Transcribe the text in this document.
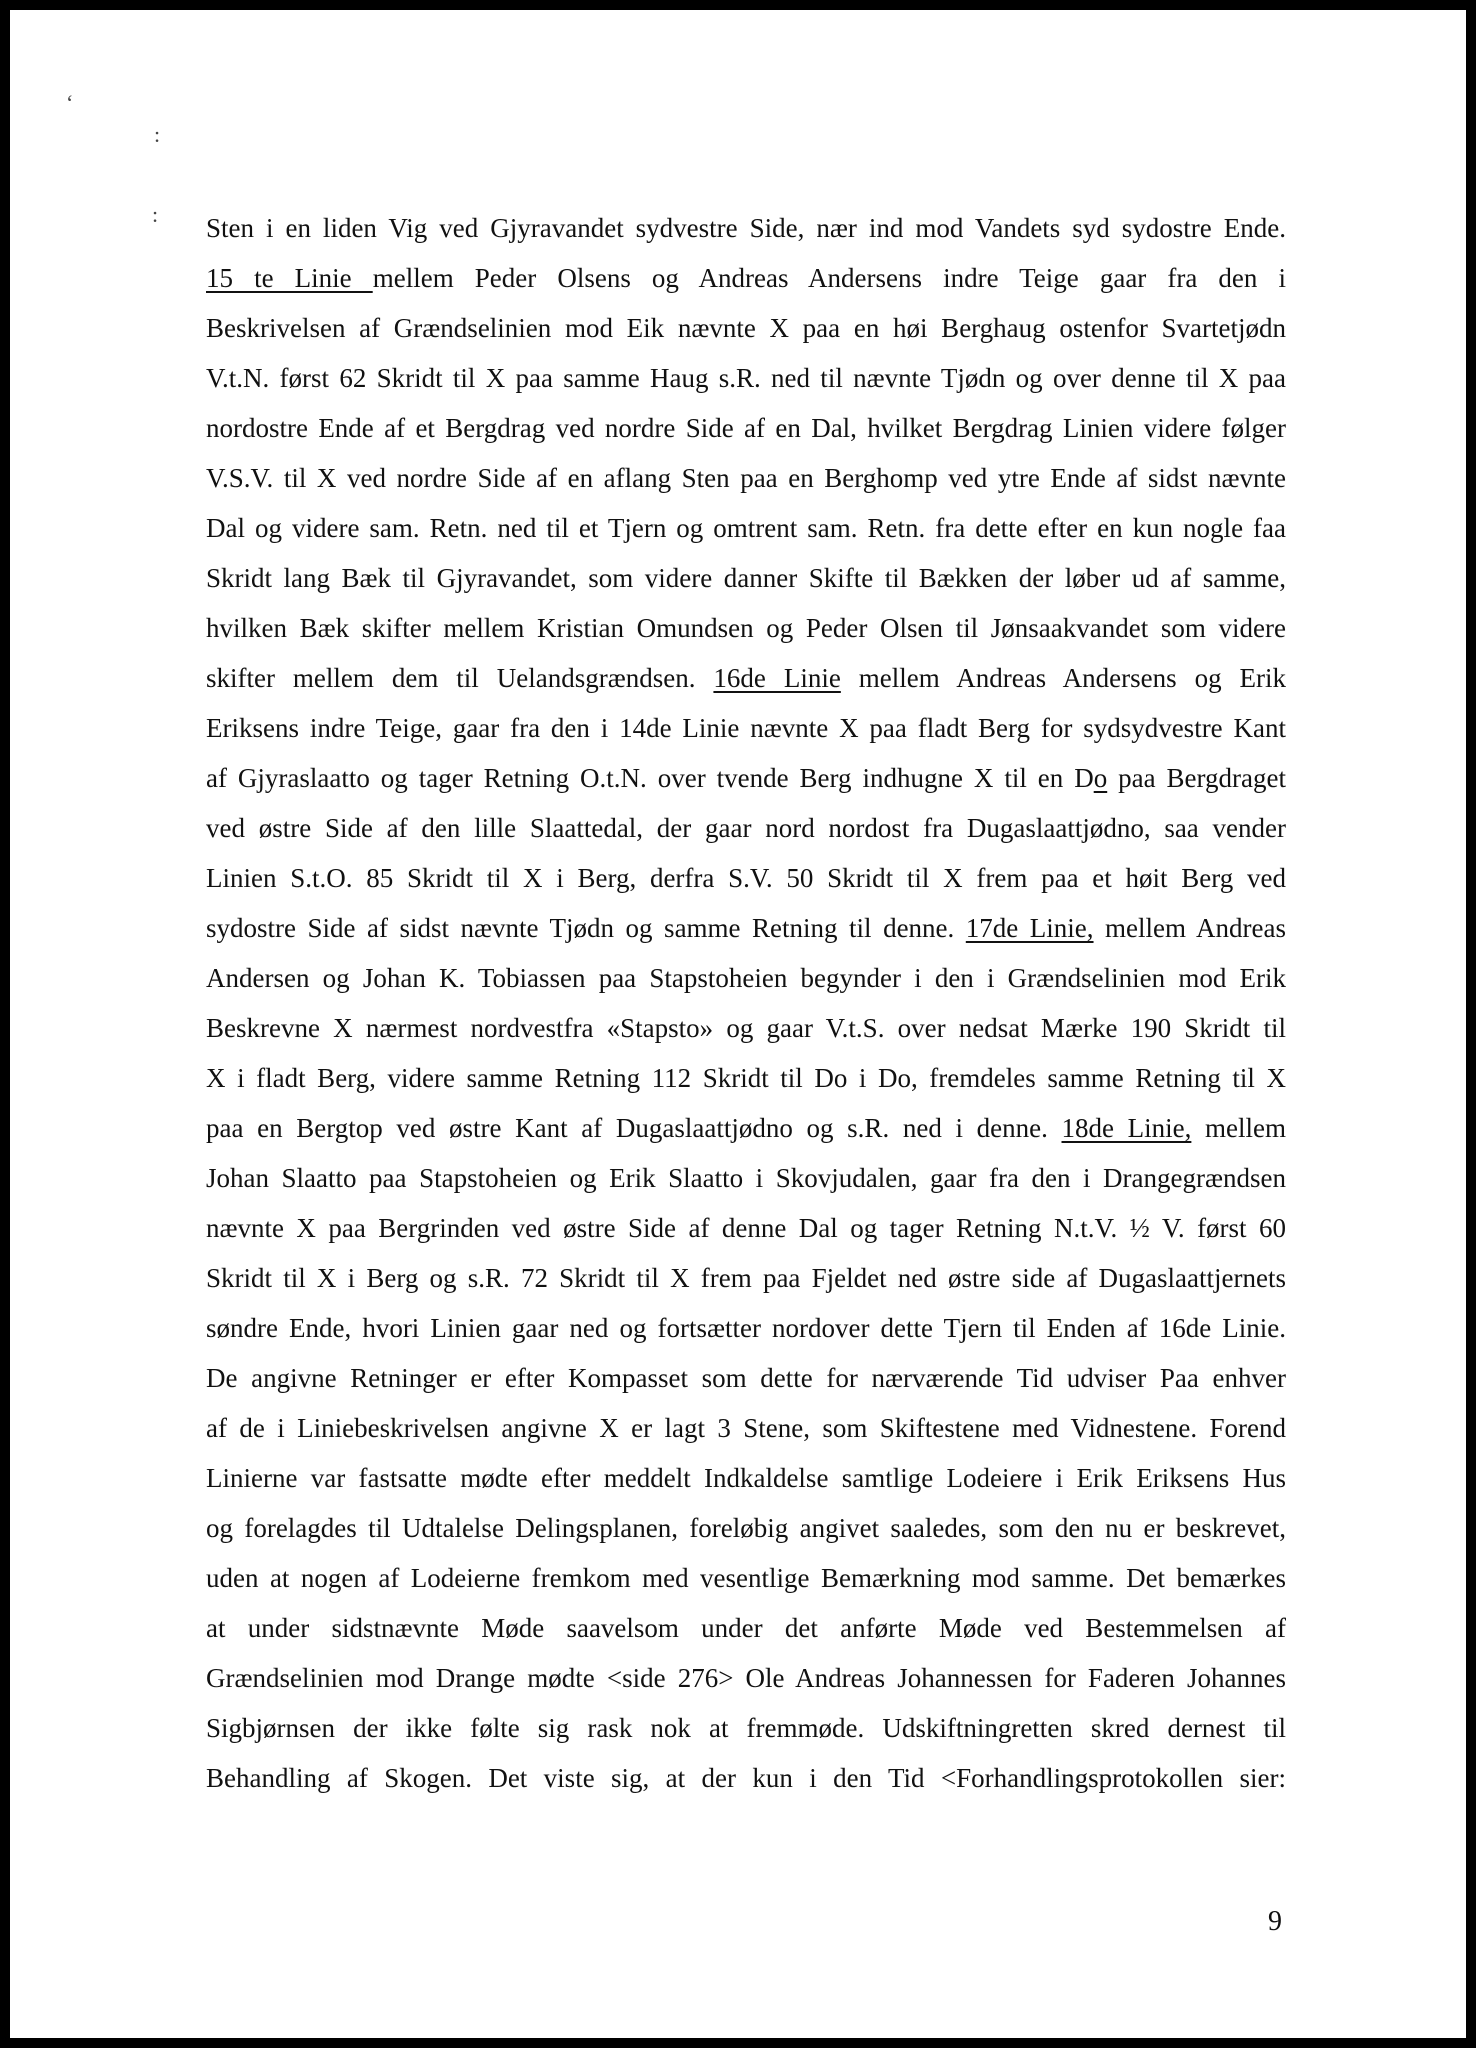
‘
:
: Sten i en liden Vig ved Gjyravandet sydvestre Side, nær ind mod Vandets syd sydostre Ende.
15 te Linie mellem Peder Olsens og Andreas Andersens indre Teige gaar fra den i
Beskrivelsen af Grændselinien mod Eik nævnte X paa en høi Berghaug ostenfor Svartetjødn
V.t.N. først 62 Skridt til X paa samme Haug s.R. ned til nævnte Tjødn og over denne til X paa
nordostre Ende af et Bergdrag ved nordre Side af en Dal, hvilket Bergdrag Linien videre følger
V.S.V. til X ved nordre Side af en aflang Sten paa en Berghomp ved ytre Ende af sidst nævnte
Dal og videre sam. Retn. ned til et Tjern og omtrent sam. Retn. fra dette efter en kun nogle faa
Skridt lang Bæk til Gjyravandet, som videre danner Skifte til Bækken der løber ud af samme,
hvilken Bæk skifter mellem Kristian Omundsen og Peder Olsen til Jønsaakvandet som videre
skifter mellem dem til Uelandsgrændsen. 16de Linie mellem Andreas Andersens og Erik
Eriksens indre Teige, gaar fra den i 14de Linie nævnte X paa fladt Berg for sydsydvestre Kant
af Gjyraslaatto og tager Retning O.t.N. over tvende Berg indhugne X til en Do paa Bergdraget
ved østre Side af den lille Slaattedal, der gaar nord nordost fra Dugaslaattjødno, saa vender
Linien S.t.O. 85 Skridt til X i Berg, derfra S.V. 50 Skridt til X frem paa et høit Berg ved
sydostre Side af sidst nævnte Tjødn og samme Retning til denne. 17de Linie, mellem Andreas
Andersen og Johan K. Tobiassen paa Stapstoheien begynder i den i Grændselinien mod Erik
Beskrevne X nærmest nordvestfra «Stapsto» og gaar V.t.S. over nedsat Mærke 190 Skridt til
X i fladt Berg, videre samme Retning 112 Skridt til Do i Do, fremdeles samme Retning til X
paa en Bergtop ved østre Kant af Dugaslaattjødno og s.R. ned i denne. 18de Linie, mellem
Johan Slaatto paa Stapstoheien og Erik Slaatto i Skovjudalen, gaar fra den i Drangegrændsen
nævnte X paa Bergrinden ved østre Side af denne Dal og tager Retning N.t.V. ½ V. først 60
Skridt til X i Berg og s.R. 72 Skridt til X frem paa Fjeldet ned østre side af Dugaslaattjernets
søndre Ende, hvori Linien gaar ned og fortsætter nordover dette Tjern til Enden af 16de Linie.
De angivne Retninger er efter Kompasset som dette for nærværende Tid udviser Paa enhver
af de i Liniebeskrivelsen angivne X er lagt 3 Stene, som Skiftestene med Vidnestene. Forend
Linierne var fastsatte mødte efter meddelt Indkaldelse samtlige Lodeiere i Erik Eriksens Hus
og forelagdes til Udtalelse Delingsplanen, foreløbig angivet saaledes, som den nu er beskrevet,
uden at nogen af Lodeierne fremkom med vesentlige Bemærkning mod samme. Det bemærkes
at under sidstnævnte Møde saavelsom under det anførte Møde ved Bestemmelsen af
Grændselinien mod Drange mødte <side 276> Ole Andreas Johannessen for Faderen Johannes
Sigbjørnsen der ikke følte sig rask nok at fremmøde. Udskiftningretten skred dernest til
Behandling af Skogen. Det viste sig, at der kun i den Tid <Forhandlingsprotokollen sier:
9
